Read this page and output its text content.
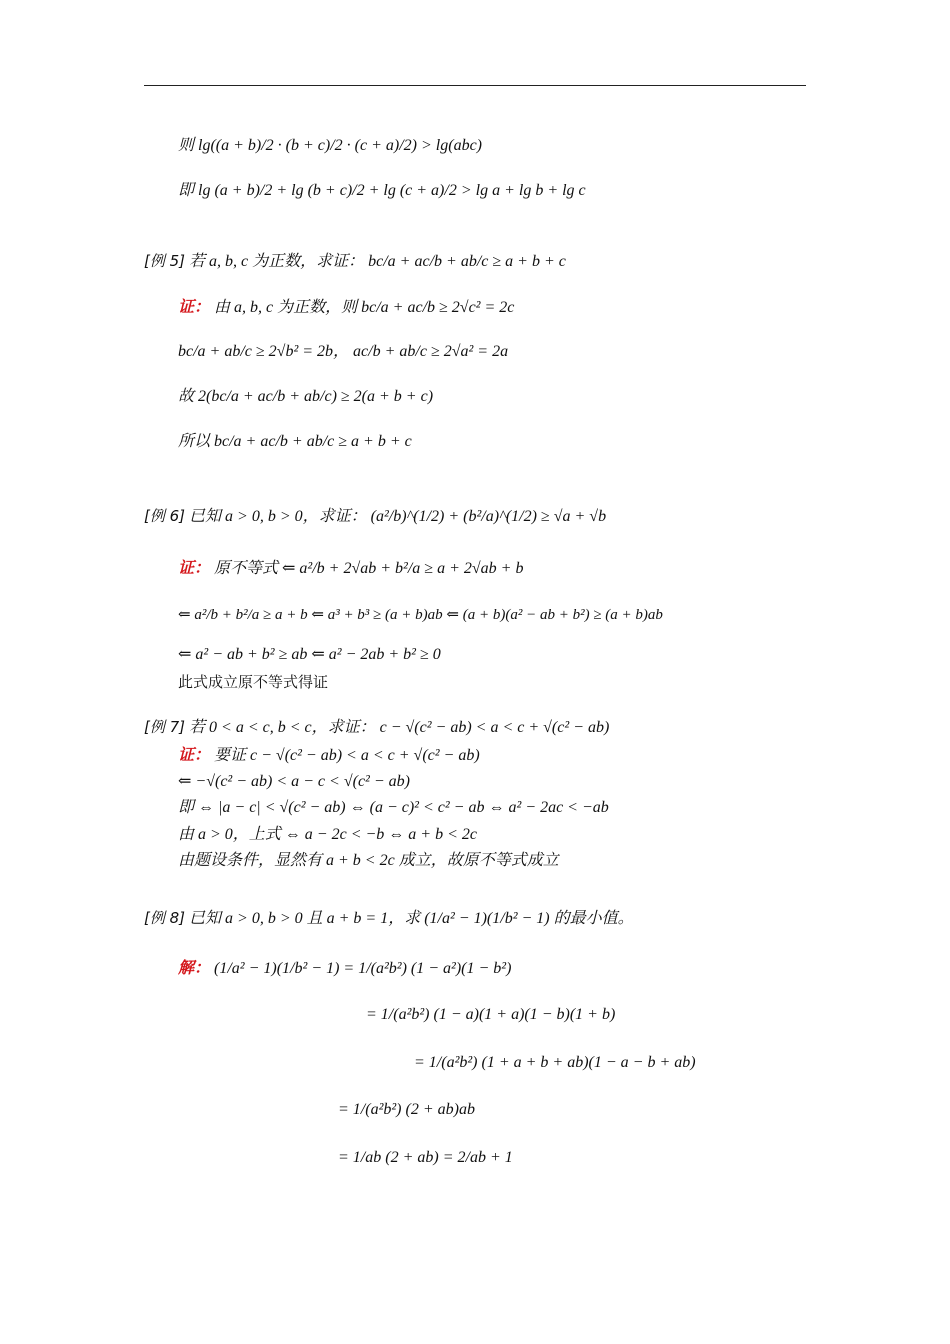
则 lg((a + b)/2 · (b + c)/2 · (c + a)/2) > lg(abc)
即 lg (a + b)/2 + lg (b + c)/2 + lg (c + a)/2 > lg a + lg b + lg c
[例 5] 若 a, b, c 为正数，求证： bc/a + ac/b + ab/c ≥ a + b + c
证： 由 a, b, c 为正数，则 bc/a + ac/b ≥ 2√c² = 2c
bc/a + ab/c ≥ 2√b² = 2b， ac/b + ab/c ≥ 2√a² = 2a
故 2(bc/a + ac/b + ab/c) ≥ 2(a + b + c)
所以 bc/a + ac/b + ab/c ≥ a + b + c
[例 6] 已知 a > 0, b > 0，求证： (a²/b)^(1/2) + (b²/a)^(1/2) ≥ √a + √b
证： 原不等式 ⇐ a²/b + 2√ab + b²/a ≥ a + 2√ab + b
⇐ a²/b + b²/a ≥ a + b ⇐ a³ + b³ ≥ (a + b)ab ⇐ (a + b)(a² − ab + b²) ≥ (a + b)ab
⇐ a² − ab + b² ≥ ab ⇐ a² − 2ab + b² ≥ 0
此式成立原不等式得证
[例 7] 若 0 < a < c, b < c，求证： c − √(c² − ab) < a < c + √(c² − ab)
证： 要证 c − √(c² − ab) < a < c + √(c² − ab)
⇐ −√(c² − ab) < a − c < √(c² − ab)
即 ⇔ |a − c| < √(c² − ab) ⇔ (a − c)² < c² − ab ⇔ a² − 2ac < −ab
由 a > 0，上式 ⇔ a − 2c < −b ⇔ a + b < 2c
由题设条件，显然有 a + b < 2c 成立，故原不等式成立
[例 8] 已知 a > 0, b > 0 且 a + b = 1，求 (1/a² − 1)(1/b² − 1) 的最小值。
解： (1/a² − 1)(1/b² − 1) = 1/(a²b²) (1 − a²)(1 − b²)
= 1/(a²b²) (1 − a)(1 + a)(1 − b)(1 + b)
= 1/(a²b²) (1 + a + b + ab)(1 − a − b + ab)
= 1/(a²b²) (2 + ab)ab
= 1/ab (2 + ab) = 2/ab + 1
